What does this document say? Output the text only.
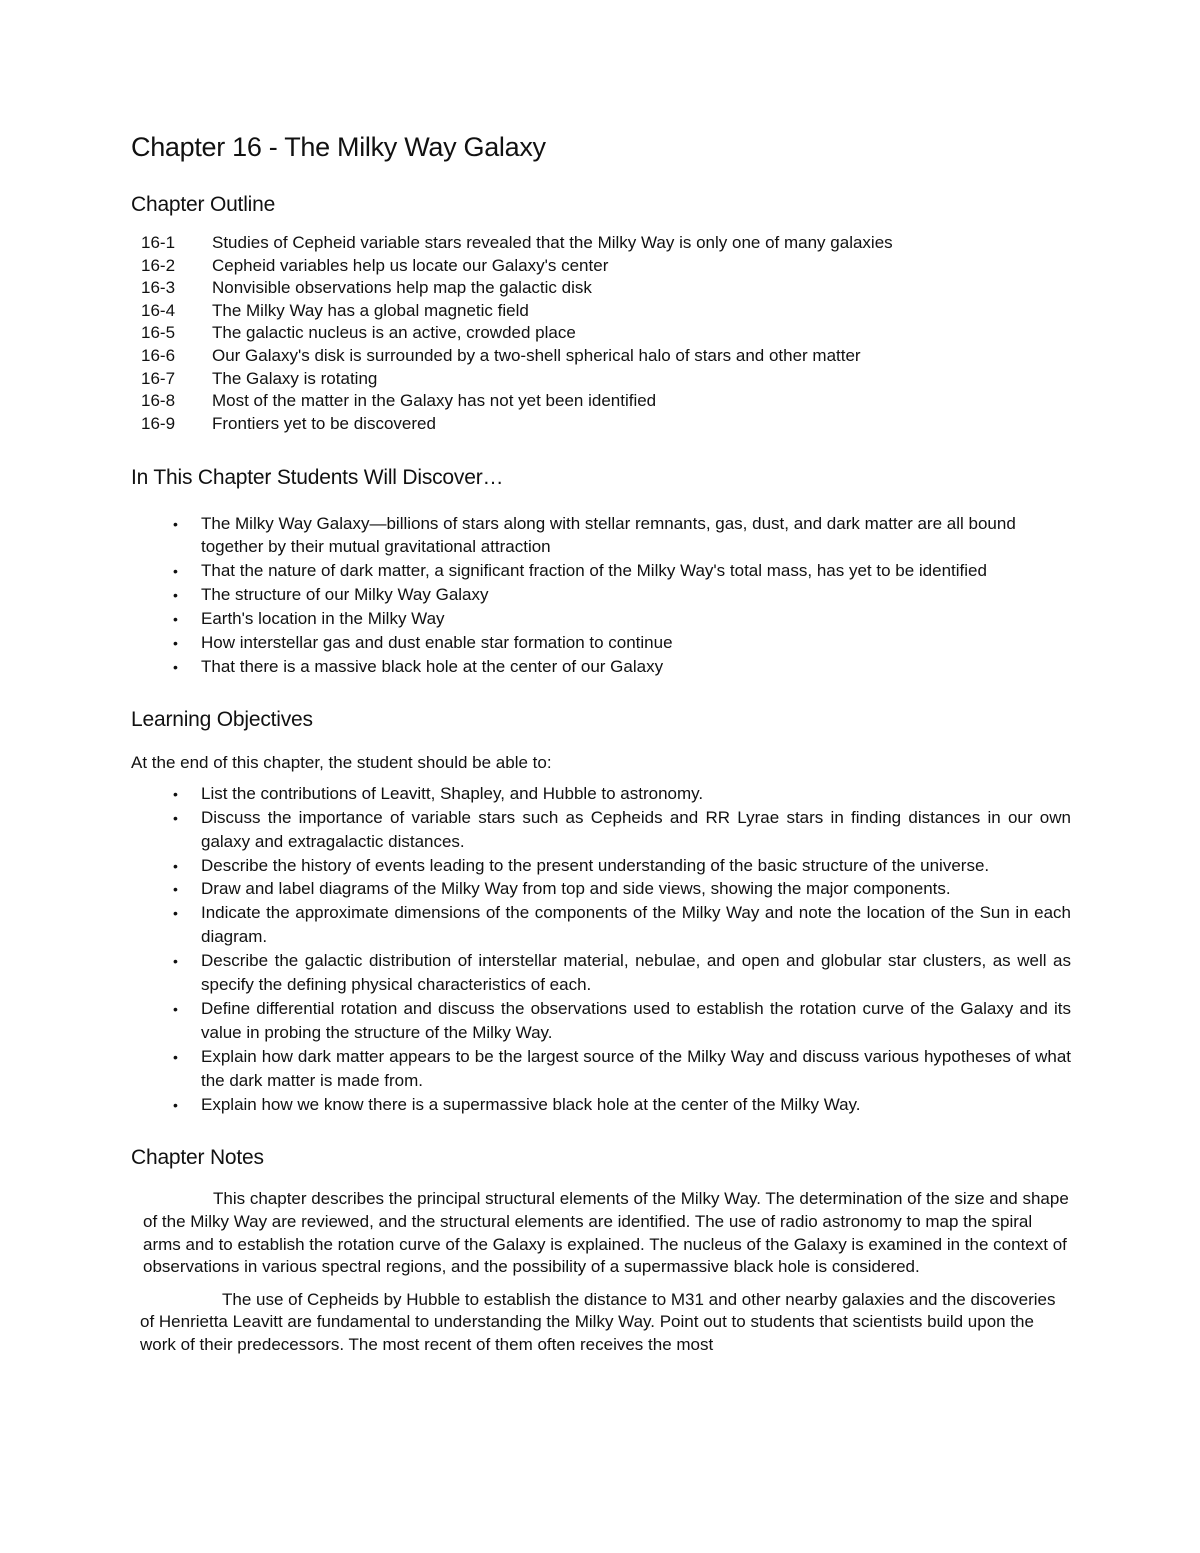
Chapter 16 - The Milky Way Galaxy
Chapter Outline
16-1	Studies of Cepheid variable stars revealed that the Milky Way is only one of many galaxies
16-2	Cepheid variables help us locate our Galaxy's center
16-3	Nonvisible observations help map the galactic disk
16-4	The Milky Way has a global magnetic field
16-5	The galactic nucleus is an active, crowded place
16-6	Our Galaxy's disk is surrounded by a two-shell spherical halo of stars and other matter
16-7	The Galaxy is rotating
16-8	Most of the matter in the Galaxy has not yet been identified
16-9	Frontiers yet to be discovered
In This Chapter Students Will Discover…
• The Milky Way Galaxy—billions of stars along with stellar remnants, gas, dust, and dark matter are all bound together by their mutual gravitational attraction
• That the nature of dark matter, a significant fraction of the Milky Way's total mass, has yet to be identified
• The structure of our Milky Way Galaxy
• Earth's location in the Milky Way
• How interstellar gas and dust enable star formation to continue
• That there is a massive black hole at the center of our Galaxy
Learning Objectives

At the end of this chapter, the student should be able to:

• List the contributions of Leavitt, Shapley, and Hubble to astronomy.
• Discuss the importance of variable stars such as Cepheids and RR Lyrae stars in finding distances in our own galaxy and extragalactic distances.
• Describe the history of events leading to the present understanding of the basic structure of the universe.
• Draw and label diagrams of the Milky Way from top and side views, showing the major components.
• Indicate the approximate dimensions of the components of the Milky Way and note the location of the Sun in each diagram.
• Describe the galactic distribution of interstellar material, nebulae, and open and globular star clusters, as well as specify the defining physical characteristics of each.
• Define differential rotation and discuss the observations used to establish the rotation curve of the Galaxy and its value in probing the structure of the Milky Way.
• Explain how dark matter appears to be the largest source of the Milky Way and discuss various hypotheses of what the dark matter is made from.
• Explain how we know there is a supermassive black hole at the center of the Milky Way.
Chapter Notes

This chapter describes the principal structural elements of the Milky Way. The determination of the size and shape of the Milky Way are reviewed, and the structural elements are identified. The use of radio astronomy to map the spiral arms and to establish the rotation curve of the Galaxy is explained. The nucleus of the Galaxy is examined in the context of observations in various spectral regions, and the possibility of a supermassive black hole is considered.

The use of Cepheids by Hubble to establish the distance to M31 and other nearby galaxies and the discoveries of Henrietta Leavitt are fundamental to understanding the Milky Way. Point out to students that scientists build upon the work of their predecessors. The most recent of them often receives the most
